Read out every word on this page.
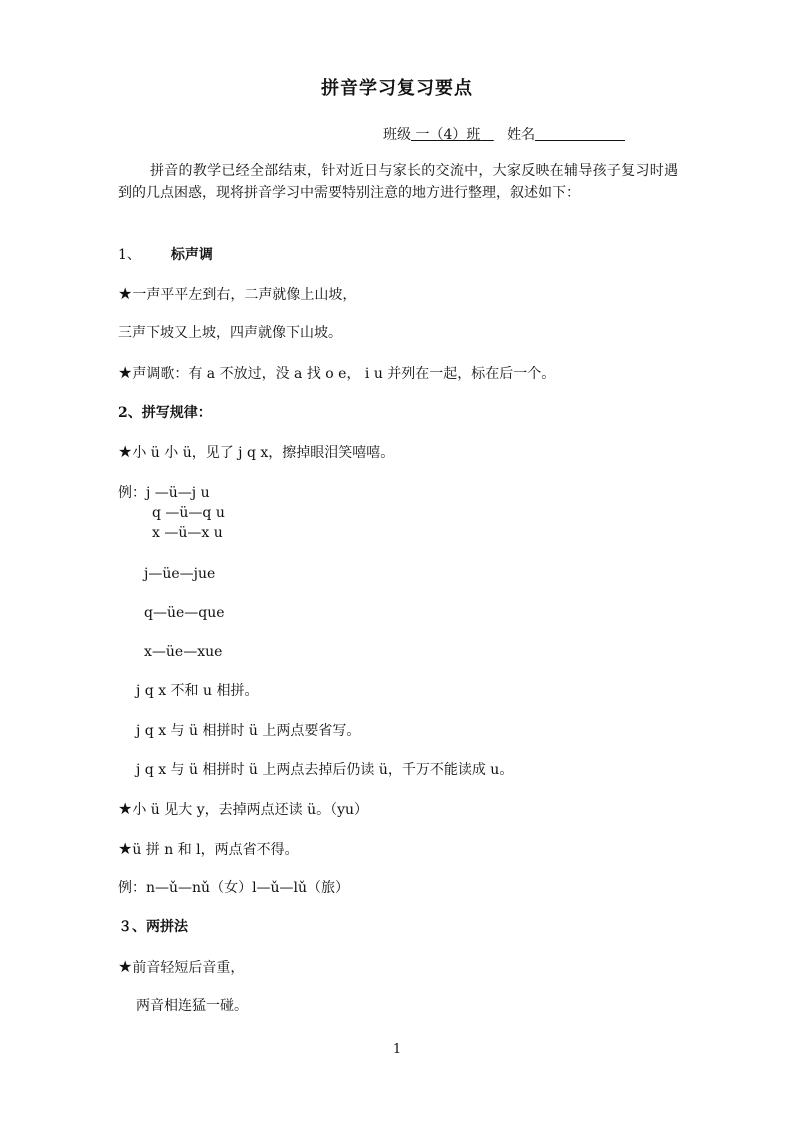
拼音学习复习要点
班级 一（4）班 姓名
拼音的教学已经全部结束，针对近日与家长的交流中，大家反映在辅导孩子复习时遇到的几点困惑，现将拼音学习中需要特别注意的地方进行整理，叙述如下：
1、 标声调
★一声平平左到右，二声就像上山坡，
三声下坡又上坡，四声就像下山坡。
★声调歌：有 a 不放过，没 a 找 o e， i u 并列在一起，标在后一个。
2、拼写规律：
★小 ü 小 ü，见了 j q x，擦掉眼泪笑嘻嘻。
例：j —ü—j u
q —ü—q u
x —ü—x u
j—üe—jue
q—üe—que
x—üe—xue
j q x 不和 u 相拼。
j q x 与 ü 相拼时 ü 上两点要省写。
j q x 与 ü 相拼时 ü 上两点去掉后仍读 ü，千万不能读成 u。
★小 ü 见大 y，去掉两点还读 ü。（yu）
★ü 拼 n 和 l，两点省不得。
例：n—ǔ—nǔ（女）l—ǔ—lǔ（旅）
３、两拼法
★前音轻短后音重，
两音相连猛一碰。
1
